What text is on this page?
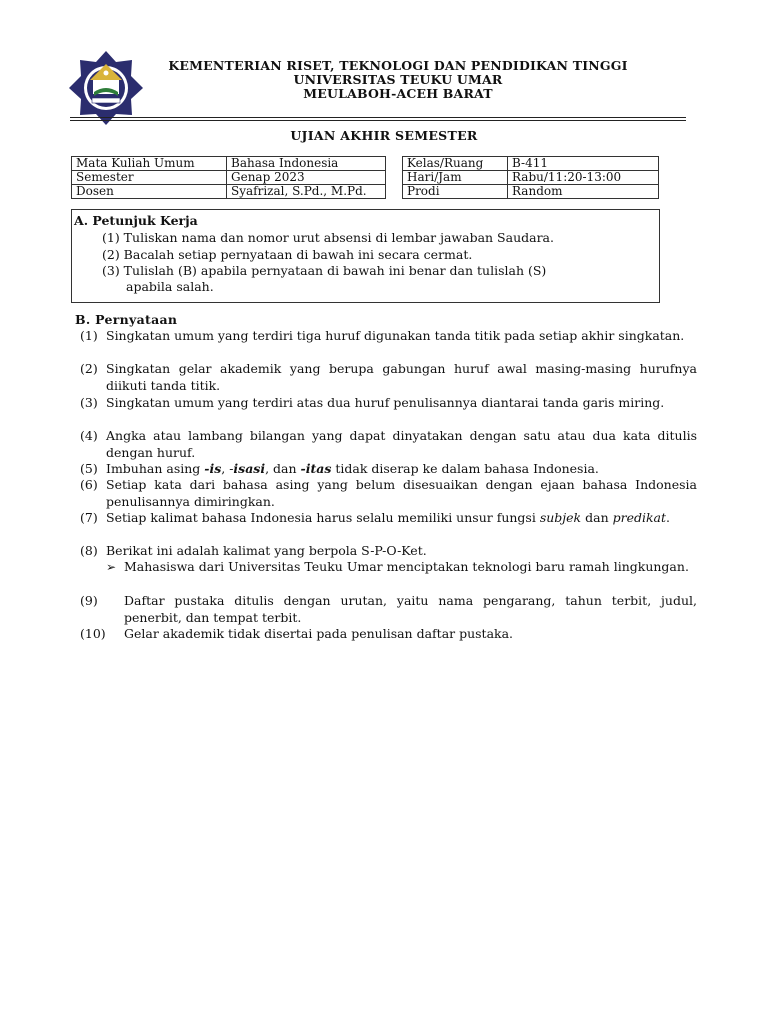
KEMENTERIAN RISET, TEKNOLOGI DAN PENDIDIKAN TINGGI
UNIVERSITAS TEUKU UMAR
MEULABOH-ACEH BARAT
UJIAN AKHIR SEMESTER
Mata Kuliah Umum	Bahasa Indonesia
Semester	Genap 2023
Dosen	Syafrizal, S.Pd., M.Pd.
Kelas/Ruang	B-411
Hari/Jam	Rabu/11:20-13:00
Prodi	Random
A. Petunjuk Kerja
(1) Tuliskan nama dan nomor urut absensi di lembar jawaban Saudara.
(2) Bacalah setiap pernyataan di bawah ini secara cermat.
(3) Tulislah (B) apabila pernyataan di bawah ini benar dan tulislah (S)
apabila salah.
B. Pernyataan
(1) Singkatan umum yang terdiri tiga huruf digunakan tanda titik pada setiap akhir singkatan.
(2) Singkatan gelar akademik yang berupa gabungan huruf awal masing-masing hurufnya diikuti tanda titik.
(3) Singkatan umum yang terdiri atas dua huruf penulisannya diantarai tanda garis miring.
(4) Angka atau lambang bilangan yang dapat dinyatakan dengan satu atau dua kata ditulis dengan huruf.
(5) Imbuhan asing -is, -isasi, dan -itas tidak diserap ke dalam bahasa Indonesia.
(6) Setiap kata dari bahasa asing yang belum disesuaikan dengan ejaan bahasa Indonesia penulisannya dimiringkan.
(7) Setiap kalimat bahasa Indonesia harus selalu memiliki unsur fungsi subjek dan predikat.
(8) Berikat ini adalah kalimat yang berpola S-P-O-Ket.
➢ Mahasiswa dari Universitas Teuku Umar menciptakan teknologi baru ramah lingkungan.
(9) Daftar pustaka ditulis dengan urutan, yaitu nama pengarang, tahun terbit, judul, penerbit, dan tempat terbit.
(10) Gelar akademik tidak disertai pada penulisan daftar pustaka.
